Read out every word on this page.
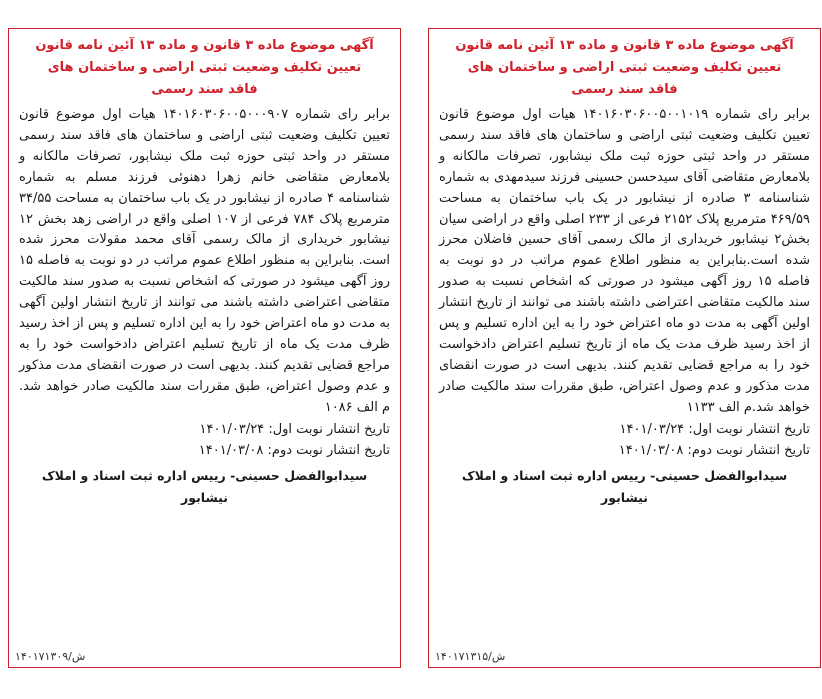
آگهی موضوع ماده ۳ قانون و ماده ۱۳ آئین نامه قانون
تعیین تکلیف وضعیت ثبتی اراضی و ساختمان های
فاقد سند رسمی
برابر رای شماره ۱۴۰۱۶۰۳۰۶۰۰۵۰۰۰۹۰۷ هیات اول موضوع قانون تعیین تکلیف وضعیت ثبتی اراضی و ساختمان های فاقد سند رسمی مستقر در واحد ثبتی حوزه ثبت ملک نیشابور، تصرفات مالکانه و بلامعارض متقاضی خانم زهرا دهنوئی فرزند مسلم به شماره شناسنامه ۴ صادره از نیشابور در یک باب ساختمان به مساحت ۳۴/۵۵ مترمربع پلاک ۷۸۴ فرعی از ۱۰۷ اصلی واقع در اراضی زهد بخش ۱۲ نیشابور خریداری از مالک رسمی آقای محمد مقولات محرز شده است. بنابراین به منظور اطلاع عموم مراتب در دو نوبت به فاصله ۱۵ روز آگهی میشود در صورتی که اشخاص نسبت به صدور سند مالکیت متقاضی اعتراضی داشته باشند می توانند از تاریخ انتشار اولین آگهی به مدت دو ماه اعتراض خود را به این اداره تسلیم و پس از اخذ رسید ظرف مدت یک ماه از تاریخ تسلیم اعتراض دادخواست خود را به مراجع قضایی تقدیم کنند. بدیهی است در صورت انقضای مدت مذکور و عدم وصول اعتراض، طبق مقررات سند مالکیت صادر خواهد شد. م الف ۱۰۸۶
تاریخ انتشار نوبت اول: ۱۴۰۱/۰۳/۲۴
تاریخ انتشار نوبت دوم: ۱۴۰۱/۰۳/۰۸
سیدابوالفضل حسینی- رییس اداره ثبت اسناد و املاک نیشابور
۱۴۰۱۷۱۳۰۹/ش
آگهی موضوع ماده ۳ قانون و ماده ۱۳ آئین نامه قانون
تعیین تکلیف وضعیت ثبتی اراضی و ساختمان های
فاقد سند رسمی
برابر رای شماره ۱۴۰۱۶۰۳۰۶۰۰۵۰۰۱۰۱۹ هیات اول موضوع قانون تعیین تکلیف وضعیت ثبتی اراضی و ساختمان های فاقد سند رسمی مستقر در واحد ثبتی حوزه ثبت ملک نیشابور، تصرفات مالکانه و بلامعارض متقاضی آقای سیدحسن حسینی فرزند سیدمهدی به شماره شناسنامه ۳ صادره از نیشابور در یک باب ساختمان به مساحت ۴۶۹/۵۹ مترمربع پلاک ۲۱۵۲ فرعی از ۲۳۳ اصلی واقع در اراضی سیان بخش۲ نیشابور خریداری از مالک رسمی آقای حسین فاضلان محرز شده است.بنابراین به منظور اطلاع عموم مراتب در دو نوبت به فاصله ۱۵ روز آگهی میشود در صورتی که اشخاص نسبت به صدور سند مالکیت متقاضی اعتراضی داشته باشند می توانند از تاریخ انتشار اولین آگهی به مدت دو ماه اعتراض خود را به این اداره تسلیم و پس از اخذ رسید ظرف مدت یک ماه از تاریخ تسلیم اعتراض دادخواست خود را به مراجع قضایی تقدیم کنند. بدیهی است در صورت انقضای مدت مذکور و عدم وصول اعتراض، طبق مقررات سند مالکیت صادر خواهد شد.م الف ۱۱۳۳
تاریخ انتشار نوبت اول: ۱۴۰۱/۰۳/۲۴
تاریخ انتشار نوبت دوم: ۱۴۰۱/۰۳/۰۸
سیدابوالفضل حسینی- رییس اداره ثبت اسناد و املاک نیشابور
۱۴۰۱۷۱۳۱۵/ش
